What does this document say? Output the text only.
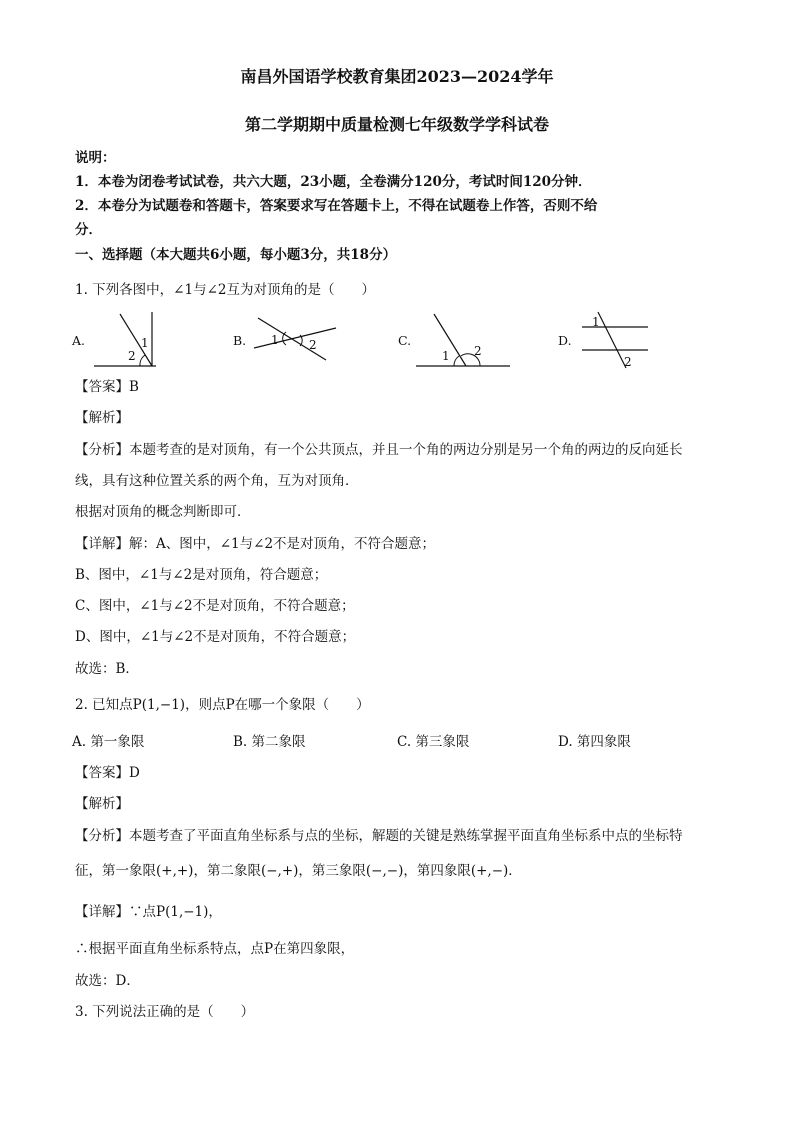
南昌外国语学校教育集团2023—2024学年
第二学期期中质量检测七年级数学学科试卷
说明：
1．本卷为闭卷考试试卷，共六大题，23小题，全卷满分120分，考试时间120分钟．
2．本卷分为试题卷和答题卡，答案要求写在答题卡上，不得在试题卷上作答，否则不给
分．
一、选择题（本大题共6小题，每小题3分，共18分）
1. 下列各图中，∠1与∠2互为对顶角的是（　　）
A.	1
2
B. 1	2	C.
1 2
D.
1
2
【答案】B
【解析】
【分析】本题考查的是对顶角，有一个公共顶点，并且一个角的两边分别是另一个角的两边的反向延长
线，具有这种位置关系的两个角，互为对顶角．
根据对顶角的概念判断即可．
【详解】解：A、图中，∠1与∠2不是对顶角，不符合题意；
B、图中，∠1与∠2是对顶角，符合题意；
C、图中，∠1与∠2不是对顶角，不符合题意；
D、图中，∠1与∠2不是对顶角，不符合题意；
故选：B．
2. 已知点P(1,−1)，则点P在哪一个象限（　　）
A. 第一象限	B. 第二象限	C. 第三象限	D. 第四象限
【答案】D
【解析】
【分析】本题考查了平面直角坐标系与点的坐标，解题的关键是熟练掌握平面直角坐标系中点的坐标特
征，第一象限(+,+)，第二象限(−,+)，第三象限(−,−)，第四象限(+,−)．
【详解】∵点P(1,−1)，
∴根据平面直角坐标系特点，点P在第四象限，
故选：D．
3. 下列说法正确的是（　　）
